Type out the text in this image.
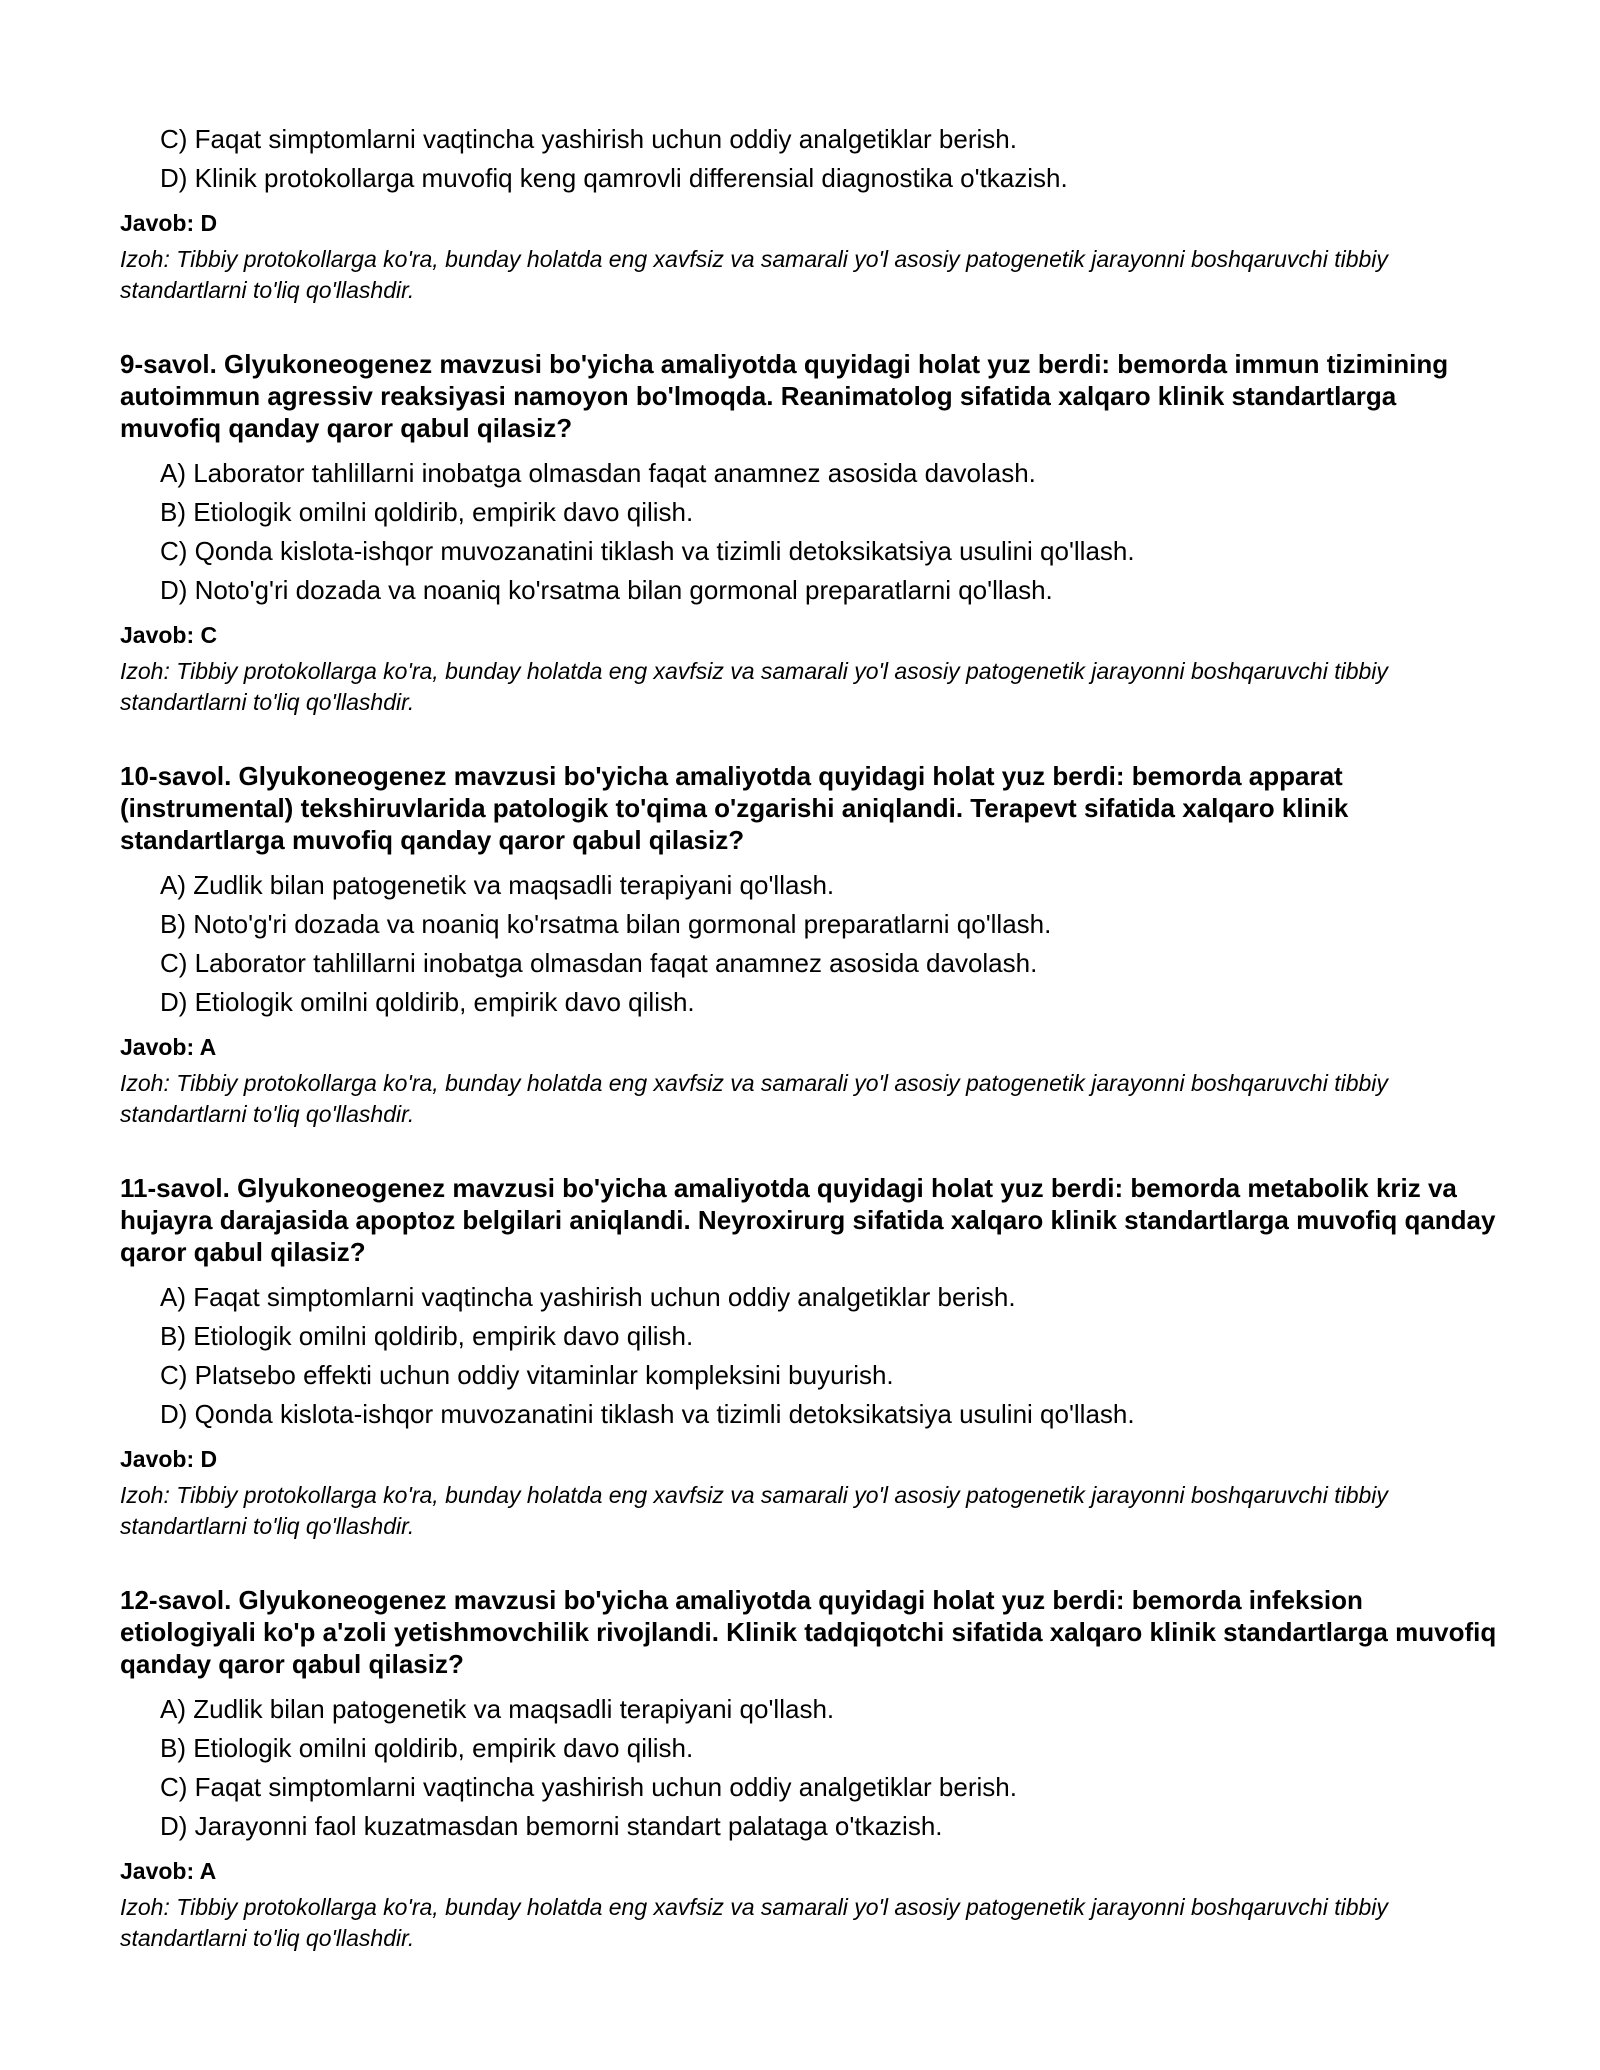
C) Faqat simptomlarni vaqtincha yashirish uchun oddiy analgetiklar berish.
D) Klinik protokollarga muvofiq keng qamrovli differensial diagnostika o'tkazish.
Javob: D
Izoh: Tibbiy protokollarga ko'ra, bunday holatda eng xavfsiz va samarali yo'l asosiy patogenetik jarayonni boshqaruvchi tibbiy standartlarni to'liq qo'llashdir.
9-savol. Glyukoneogenez mavzusi bo'yicha amaliyotda quyidagi holat yuz berdi: bemorda immun tizimining autoimmun agressiv reaksiyasi namoyon bo'lmoqda. Reanimatolog sifatida xalqaro klinik standartlarga muvofiq qanday qaror qabul qilasiz?
A) Laborator tahlillarni inobatga olmasdan faqat anamnez asosida davolash.
B) Etiologik omilni qoldirib, empirik davo qilish.
C) Qonda kislota-ishqor muvozanatini tiklash va tizimli detoksikatsiya usulini qo'llash.
D) Noto'g'ri dozada va noaniq ko'rsatma bilan gormonal preparatlarni qo'llash.
Javob: C
Izoh: Tibbiy protokollarga ko'ra, bunday holatda eng xavfsiz va samarali yo'l asosiy patogenetik jarayonni boshqaruvchi tibbiy standartlarni to'liq qo'llashdir.
10-savol. Glyukoneogenez mavzusi bo'yicha amaliyotda quyidagi holat yuz berdi: bemorda apparat (instrumental) tekshiruvlarida patologik to'qima o'zgarishi aniqlandi. Terapevt sifatida xalqaro klinik standartlarga muvofiq qanday qaror qabul qilasiz?
A) Zudlik bilan patogenetik va maqsadli terapiyani qo'llash.
B) Noto'g'ri dozada va noaniq ko'rsatma bilan gormonal preparatlarni qo'llash.
C) Laborator tahlillarni inobatga olmasdan faqat anamnez asosida davolash.
D) Etiologik omilni qoldirib, empirik davo qilish.
Javob: A
Izoh: Tibbiy protokollarga ko'ra, bunday holatda eng xavfsiz va samarali yo'l asosiy patogenetik jarayonni boshqaruvchi tibbiy standartlarni to'liq qo'llashdir.
11-savol. Glyukoneogenez mavzusi bo'yicha amaliyotda quyidagi holat yuz berdi: bemorda metabolik kriz va hujayra darajasida apoptoz belgilari aniqlandi. Neyroxirurg sifatida xalqaro klinik standartlarga muvofiq qanday qaror qabul qilasiz?
A) Faqat simptomlarni vaqtincha yashirish uchun oddiy analgetiklar berish.
B) Etiologik omilni qoldirib, empirik davo qilish.
C) Platsebo effekti uchun oddiy vitaminlar kompleksini buyurish.
D) Qonda kislota-ishqor muvozanatini tiklash va tizimli detoksikatsiya usulini qo'llash.
Javob: D
Izoh: Tibbiy protokollarga ko'ra, bunday holatda eng xavfsiz va samarali yo'l asosiy patogenetik jarayonni boshqaruvchi tibbiy standartlarni to'liq qo'llashdir.
12-savol. Glyukoneogenez mavzusi bo'yicha amaliyotda quyidagi holat yuz berdi: bemorda infeksion etiologiyali ko'p a'zoli yetishmovchilik rivojlandi. Klinik tadqiqotchi sifatida xalqaro klinik standartlarga muvofiq qanday qaror qabul qilasiz?
A) Zudlik bilan patogenetik va maqsadli terapiyani qo'llash.
B) Etiologik omilni qoldirib, empirik davo qilish.
C) Faqat simptomlarni vaqtincha yashirish uchun oddiy analgetiklar berish.
D) Jarayonni faol kuzatmasdan bemorni standart palataga o'tkazish.
Javob: A
Izoh: Tibbiy protokollarga ko'ra, bunday holatda eng xavfsiz va samarali yo'l asosiy patogenetik jarayonni boshqaruvchi tibbiy standartlarni to'liq qo'llashdir.
